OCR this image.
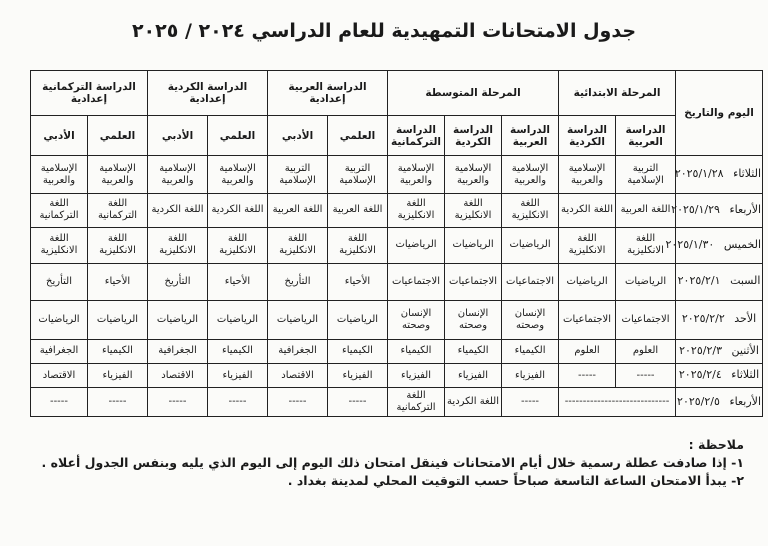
جدول الامتحانات التمهيدية للعام الدراسي ٢٠٢٤ / ٢٠٢٥
اليوم والتاريخ	المرحلة الابتدائية		المرحلة المتوسطة			الدراسة العربية إعدادية		الدراسة الكردية إعدادية		الدراسة التركمانية إعدادية	
	الدراسة العربية	الدراسة الكردية	الدراسة العربية	الدراسة الكردية	الدراسة التركمانية	العلمي	الأدبي	العلمي	الأدبي	العلمي	الأدبي
الثلاثاء   ٢٠٢٥/١/٢٨	التربية الإسلامية	الإسلامية والعربية	الإسلامية والعربية	الإسلامية والعربية	الإسلامية والعربية	التربية الإسلامية	التربية الإسلامية	الإسلامية والعربية	الإسلامية والعربية	الإسلامية والعربية	الإسلامية والعربية
الأربعاء   ٢٠٢٥/١/٢٩	اللغة العربية	اللغة الكردية	اللغة الانكليزية	اللغة الانكليزية	اللغة الانكليزية	اللغة العربية	اللغة العربية	اللغة الكردية	اللغة الكردية	اللغة التركمانية	اللغة التركمانية
الخميس   ٢٠٢٥/١/٣٠	اللغة الانكليزية	اللغة الانكليزية	الرياضيات	الرياضيات	الرياضيات	اللغة الانكليزية	اللغة الانكليزية	اللغة الانكليزية	اللغة الانكليزية	اللغة الانكليزية	اللغة الانكليزية
السبت   ٢٠٢٥/٢/١	الرياضيات	الرياضيات	الاجتماعيات	الاجتماعيات	الاجتماعيات	الأحياء	التأريخ	الأحياء	التأريخ	الأحياء	التأريخ
الأحد   ٢٠٢٥/٢/٢	الاجتماعيات	الاجتماعيات	الإنسان وصحته	الإنسان وصحته	الإنسان وصحته	الرياضيات	الرياضيات	الرياضيات	الرياضيات	الرياضيات	الرياضيات
الأثنين   ٢٠٢٥/٢/٣	العلوم	العلوم	الكيمياء	الكيمياء	الكيمياء	الكيمياء	الجغرافية	الكيمياء	الجغرافية	الكيمياء	الجغرافية
الثلاثاء   ٢٠٢٥/٢/٤	-----	-----	الفيزياء	الفيزياء	الفيزياء	الفيزياء	الاقتصاد	الفيزياء	الاقتصاد	الفيزياء	الاقتصاد
الأربعاء   ٢٠٢٥/٢/٥	-----------------------------		-----	اللغة الكردية	اللغة التركمانية	-----	-----	-----	-----	-----	-----
ملاحظة :
١- إذا صادفت عطلة رسمية خلال أيام الامتحانات فينقل امتحان ذلك اليوم إلى اليوم الذي يليه وبنفس الجدول أعلاه .
٢- يبدأ الامتحان الساعة التاسعة صباحاً حسب التوقيت المحلي لمدينة بغداد .
